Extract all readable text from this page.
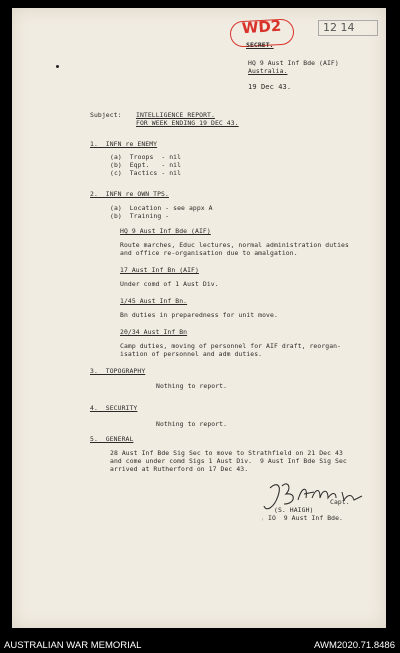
WD2	12 14
SECRET.
HQ 9 Aust Inf Bde (AIF)
Australia.
19 Dec 43.
Subject: INTELLIGENCE REPORT.
FOR WEEK ENDING 19 DEC 43.
1.  INFN re ENEMY
(a)  Troops  - nil
(b)  Eqpt.   - nil
(c)  Tactics - nil
2.  INFN re OWN TPS.
(a)  Location - see appx A
(b)  Training -
HQ 9 Aust Inf Bde (AIF)
Route marches, Educ lectures, normal administration duties
and office re-organisation due to amalgation.
17 Aust Inf Bn (AIF)
Under comd of 1 Aust Div.
1/45 Aust Inf Bn.
Bn duties in preparedness for unit move.
20/34 Aust Inf Bn
Camp duties, moving of personnel for AIF draft, reorgan-
isation of personnel and adm duties.
3.  TOPOGRAPHY
Nothing to report.
4.  SECURITY
Nothing to report.
5.  GENERAL
28 Aust Inf Bde Sig Sec to move to Strathfield on 21 Dec 43
and come under comd Sigs 1 Aust Div.  9 Aust Inf Bde Sig Sec
arrived at Rutherford on 17 Dec 43.
Capt.
(S. HAIGH)
IO  9 Aust Inf Bde.
AUSTRALIAN WAR MEMORIAL	AWM2020.71.8486
